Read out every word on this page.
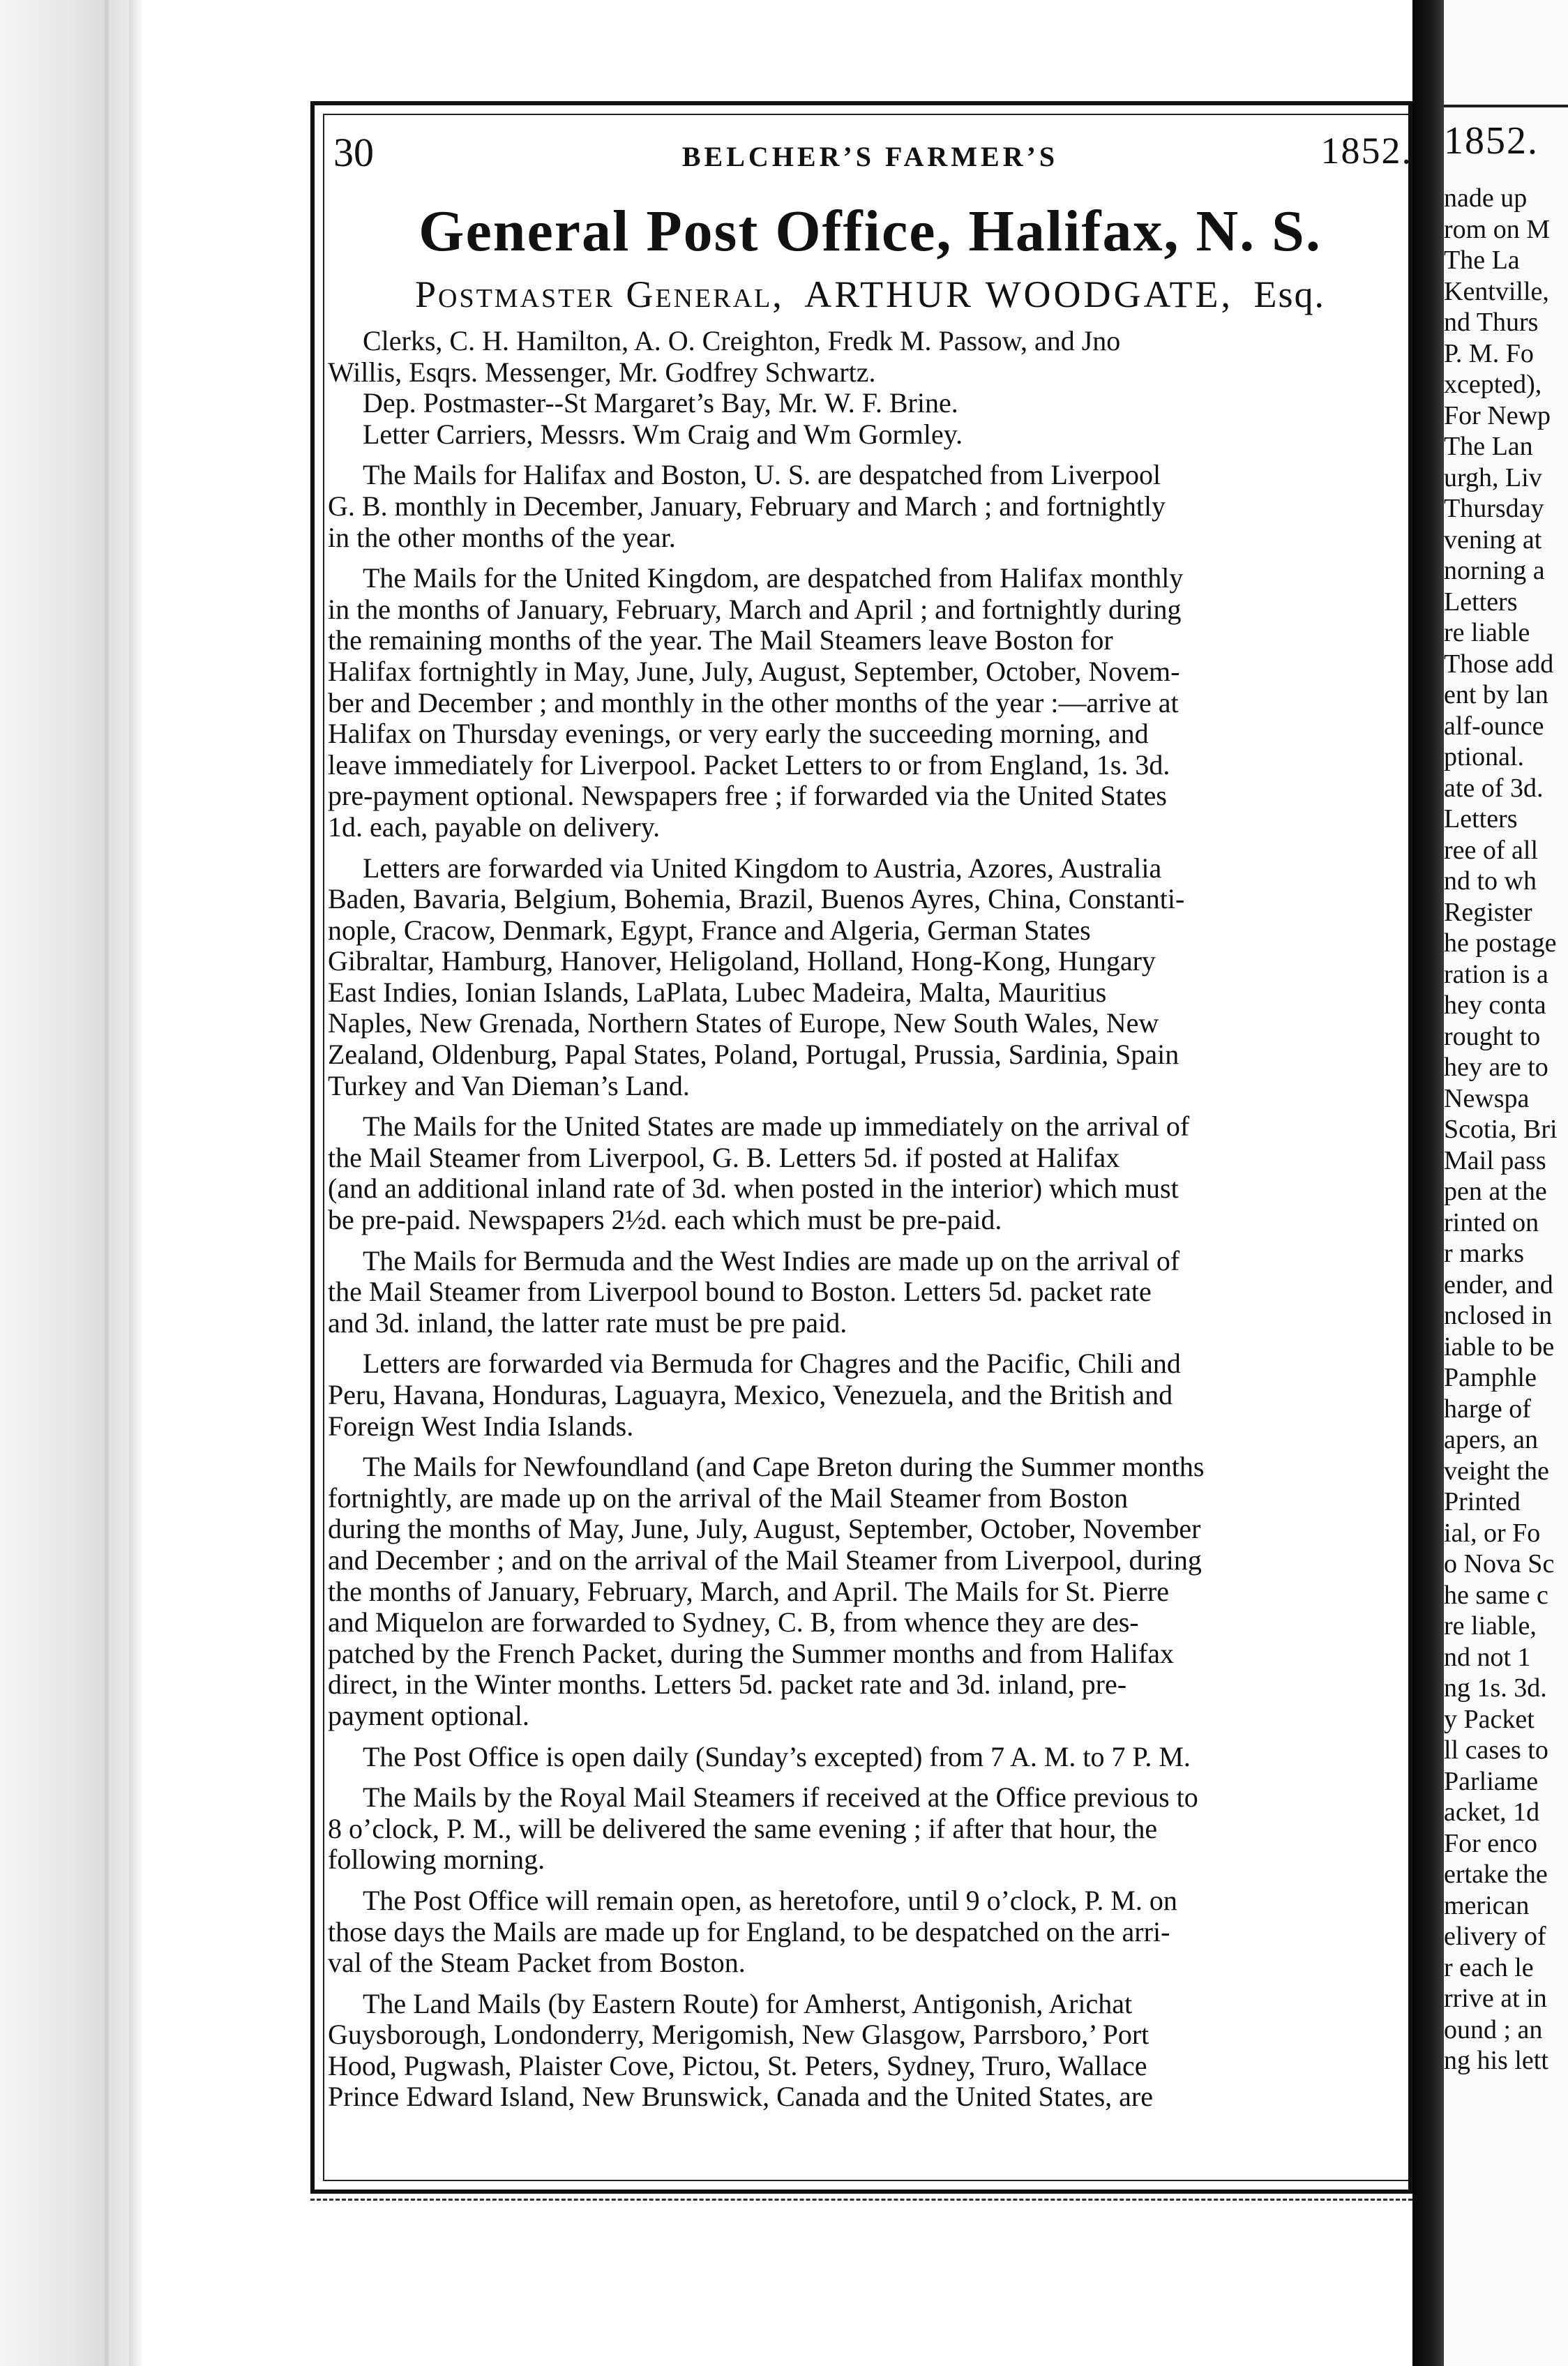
30	BELCHER’S FARMER’S	1852.
General Post Office, Halifax, N. S.
Postmaster General, ARTHUR WOODGATE, Esq.
Clerks, C. H. Hamilton, A. O. Creighton, Fredk M. Passow, and Jno
Willis, Esqrs. Messenger, Mr. Godfrey Schwartz.
Dep. Postmaster--St Margaret’s Bay, Mr. W. F. Brine.
Letter Carriers, Messrs. Wm Craig and Wm Gormley.
The Mails for Halifax and Boston, U. S. are despatched from Liverpool
G. B. monthly in December, January, February and March ; and fortnightly
in the other months of the year.
The Mails for the United Kingdom, are despatched from Halifax monthly
in the months of January, February, March and April ; and fortnightly during
the remaining months of the year. The Mail Steamers leave Boston for
Halifax fortnightly in May, June, July, August, September, October, Novem-
ber and December ; and monthly in the other months of the year :—arrive at
Halifax on Thursday evenings, or very early the succeeding morning, and
leave immediately for Liverpool. Packet Letters to or from England, 1s. 3d.
pre-payment optional. Newspapers free ; if forwarded via the United States
1d. each, payable on delivery.
Letters are forwarded via United Kingdom to Austria, Azores, Australia
Baden, Bavaria, Belgium, Bohemia, Brazil, Buenos Ayres, China, Constanti-
nople, Cracow, Denmark, Egypt, France and Algeria, German States
Gibraltar, Hamburg, Hanover, Heligoland, Holland, Hong-Kong, Hungary
East Indies, Ionian Islands, LaPlata, Lubec Madeira, Malta, Mauritius
Naples, New Grenada, Northern States of Europe, New South Wales, New
Zealand, Oldenburg, Papal States, Poland, Portugal, Prussia, Sardinia, Spain
Turkey and Van Dieman’s Land.
The Mails for the United States are made up immediately on the arrival of
the Mail Steamer from Liverpool, G. B. Letters 5d. if posted at Halifax
(and an additional inland rate of 3d. when posted in the interior) which must
be pre-paid. Newspapers 2½d. each which must be pre-paid.
The Mails for Bermuda and the West Indies are made up on the arrival of
the Mail Steamer from Liverpool bound to Boston. Letters 5d. packet rate
and 3d. inland, the latter rate must be pre paid.
Letters are forwarded via Bermuda for Chagres and the Pacific, Chili and
Peru, Havana, Honduras, Laguayra, Mexico, Venezuela, and the British and
Foreign West India Islands.
The Mails for Newfoundland (and Cape Breton during the Summer months
fortnightly, are made up on the arrival of the Mail Steamer from Boston
during the months of May, June, July, August, September, October, November
and December ; and on the arrival of the Mail Steamer from Liverpool, during
the months of January, February, March, and April. The Mails for St. Pierre
and Miquelon are forwarded to Sydney, C. B, from whence they are des-
patched by the French Packet, during the Summer months and from Halifax
direct, in the Winter months. Letters 5d. packet rate and 3d. inland, pre-
payment optional.
The Post Office is open daily (Sunday’s excepted) from 7 A. M. to 7 P. M.
The Mails by the Royal Mail Steamers if received at the Office previous to
8 o’clock, P. M., will be delivered the same evening ; if after that hour, the
following morning.
The Post Office will remain open, as heretofore, until 9 o’clock, P. M. on
those days the Mails are made up for England, to be despatched on the arri-
val of the Steam Packet from Boston.
The Land Mails (by Eastern Route) for Amherst, Antigonish, Arichat
Guysborough, Londonderry, Merigomish, New Glasgow, Parrsboro,’ Port
Hood, Pugwash, Plaister Cove, Pictou, St. Peters, Sydney, Truro, Wallace
Prince Edward Island, New Brunswick, Canada and the United States, are
1852.
nade up
rom on M
The La
Kentville,
nd Thurs
P. M. Fo
xcepted),
For Newp
The Lan
urgh, Liv
Thursday
vening at
norning a
Letters
re liable
Those add
ent by lan
alf-ounce
ptional.
ate of 3d.
Letters
ree of all
nd to wh
Register
he postage
ration is a
hey conta
rought to
hey are to
Newspa
Scotia, Bri
Mail pass
pen at the
rinted on
r marks
ender, and
nclosed in
iable to be
Pamphle
harge of
apers, an
veight the
Printed
ial, or Fo
o Nova Sc
he same c
re liable,
nd not 1
ng 1s. 3d.
y Packet
ll cases to
Parliame
acket, 1d
For enco
ertake the
merican
elivery of
r each le
rrive at in
ound ; an
ng his lett
